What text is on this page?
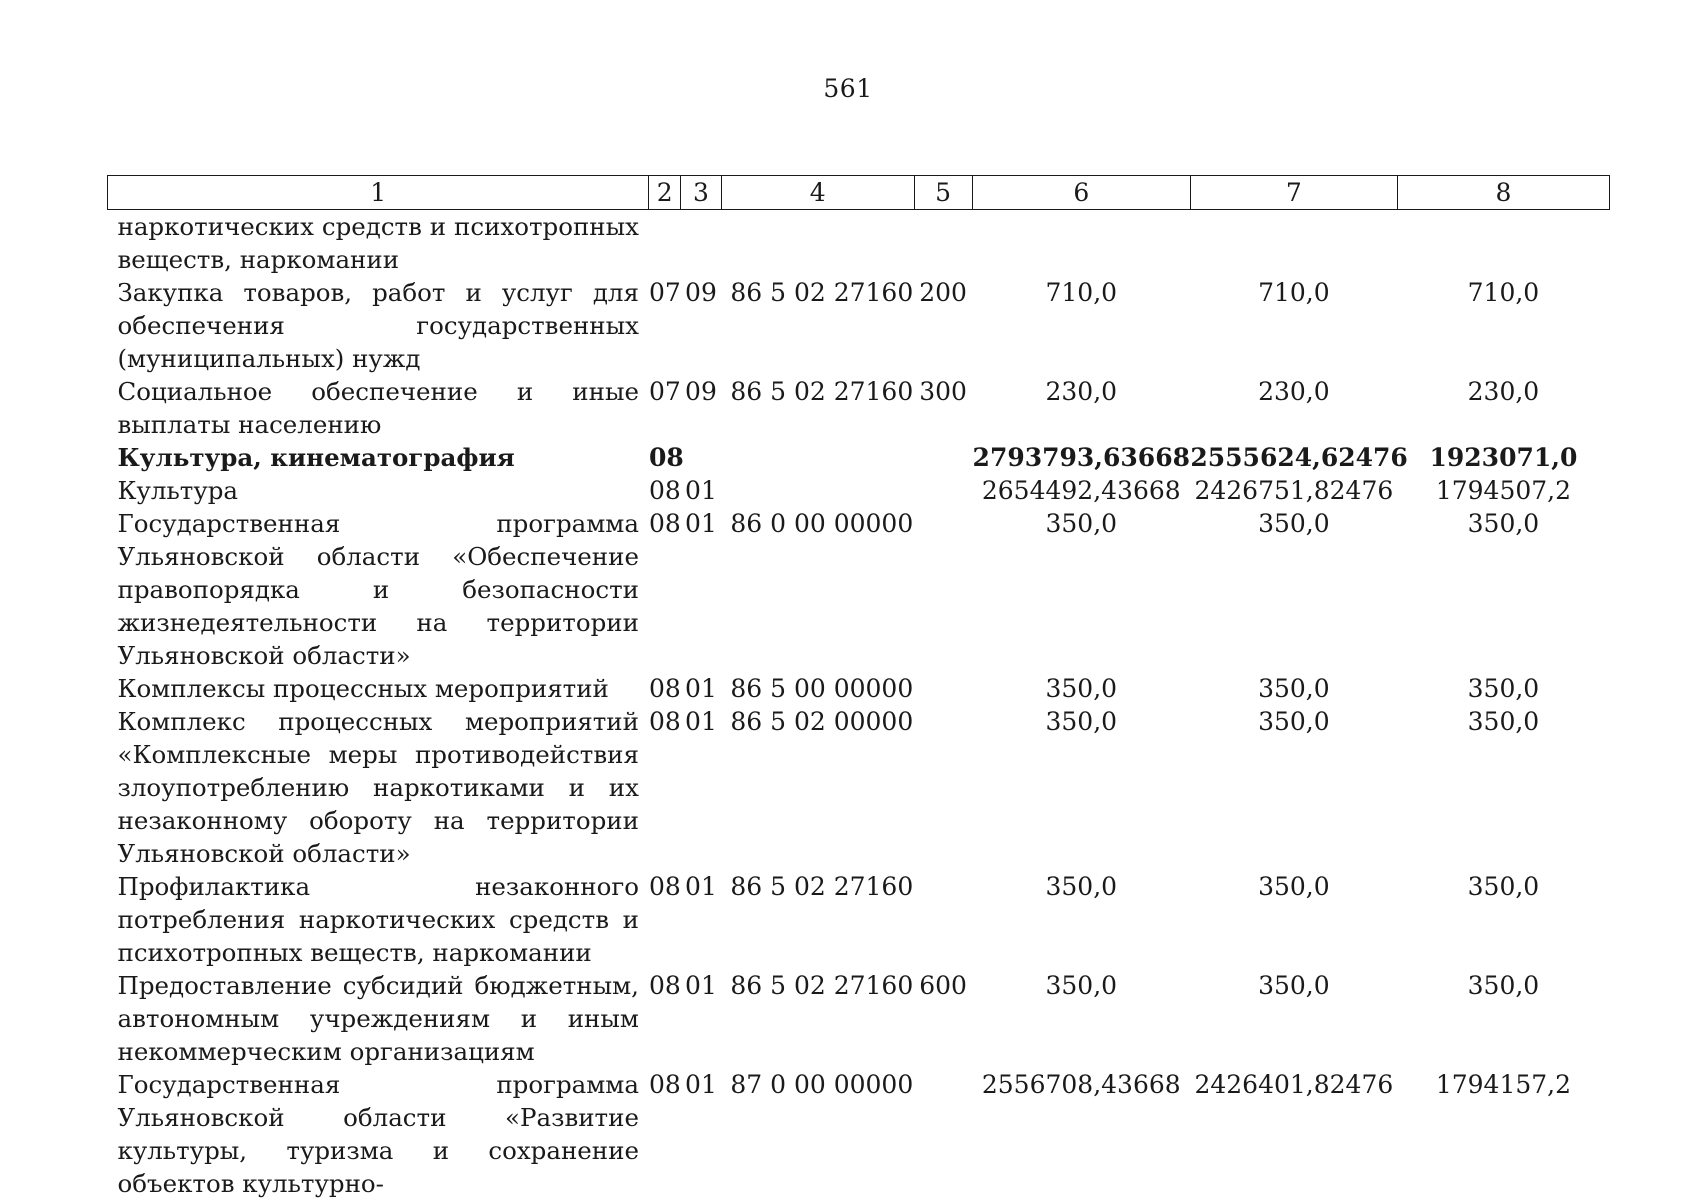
561
1	2	3	4	5	6	7	8
наркотических средств и психотропных веществ, наркомании							
Закупка товаров, работ и услуг для обеспечения государственных (муниципальных) нужд	07	09	86 5 02 27160	200	710,0	710,0	710,0
Социальное обеспечение и иные выплаты населению	07	09	86 5 02 27160	300	230,0	230,0	230,0
Культура, кинематография	08				2793793,63668	2555624,62476	1923071,0
Культура	08	01			2654492,43668	2426751,82476	1794507,2
Государственная программа Ульяновской области «Обеспечение правопорядка и безопасности жизнедеятельности на территории Ульяновской области»	08	01	86 0 00 00000		350,0	350,0	350,0
Комплексы процессных мероприятий	08	01	86 5 00 00000		350,0	350,0	350,0
Комплекс процессных мероприятий «Комплексные меры противодействия злоупотреблению наркотиками и их незаконному обороту на территории Ульяновской области»	08	01	86 5 02 00000		350,0	350,0	350,0
Профилактика незаконного потребления наркотических средств и психотропных веществ, наркомании	08	01	86 5 02 27160		350,0	350,0	350,0
Предоставление субсидий бюджетным, автономным учреждениям и иным некоммерческим организациям	08	01	86 5 02 27160	600	350,0	350,0	350,0
Государственная программа Ульяновской области «Развитие культуры, туризма и сохранение объектов культурно-	08	01	87 0 00 00000		2556708,43668	2426401,82476	1794157,2
